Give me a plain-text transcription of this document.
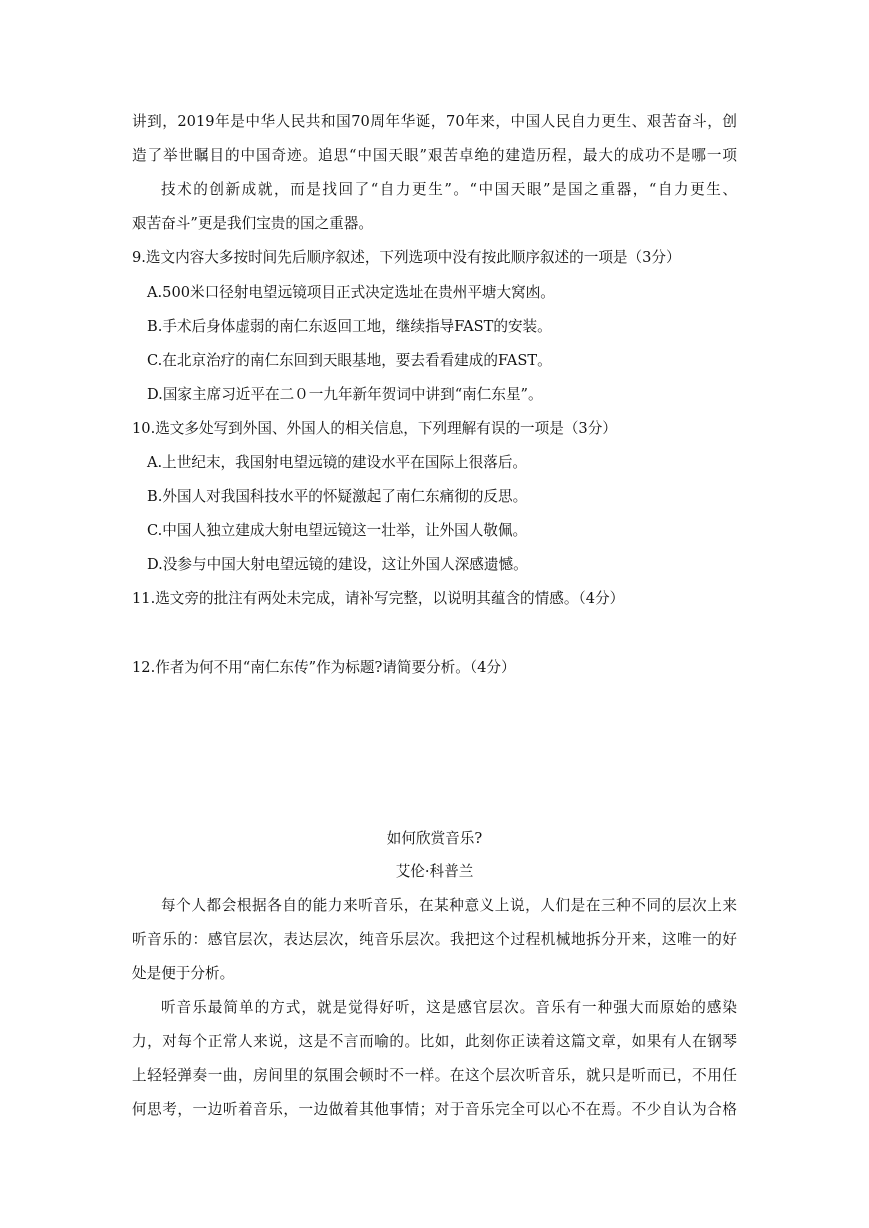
讲到，2019年是中华人民共和国70周年华诞，70年来，中国人民自力更生、艰苦奋斗，创
造了举世瞩目的中国奇迹。追思“中国天眼”艰苦卓绝的建造历程，最大的成功不是哪一项
技术的创新成就，而是找回了“自力更生”。“中国天眼”是国之重器，“自力更生、
艰苦奋斗”更是我们宝贵的国之重器。
9.选文内容大多按时间先后顺序叙述，下列选项中没有按此顺序叙述的一项是（3分）
A.500米口径射电望远镜项目正式决定选址在贵州平塘大窝凼。
B.手术后身体虚弱的南仁东返回工地，继续指导FAST的安装。
C.在北京治疗的南仁东回到天眼基地，要去看看建成的FAST。
D.国家主席习近平在二０一九年新年贺词中讲到“南仁东星”。
10.选文多处写到外国、外国人的相关信息，下列理解有误的一项是（3分）
A.上世纪末，我国射电望远镜的建设水平在国际上很落后。
B.外国人对我国科技水平的怀疑激起了南仁东痛彻的反思。
C.中国人独立建成大射电望远镜这一壮举，让外国人敬佩。
D.没参与中国大射电望远镜的建设，这让外国人深感遗憾。
11.选文旁的批注有两处未完成，请补写完整，以说明其蕴含的情感。（4分）
12.作者为何不用“南仁东传”作为标题?请简要分析。（4分）
如何欣赏音乐?
艾伦·科普兰
每个人都会根据各自的能力来听音乐，在某种意义上说，人们是在三种不同的层次上来
听音乐的：感官层次，表达层次，纯音乐层次。我把这个过程机械地拆分开来，这唯一的好
处是便于分析。
听音乐最简单的方式，就是觉得好听，这是感官层次。音乐有一种强大而原始的感染
力，对每个正常人来说，这是不言而喻的。比如，此刻你正读着这篇文章，如果有人在钢琴
上轻轻弹奏一曲，房间里的氛围会顿时不一样。在这个层次听音乐，就只是听而已，不用任
何思考，一边听着音乐，一边做着其他事情；对于音乐完全可以心不在焉。不少自认为合格
